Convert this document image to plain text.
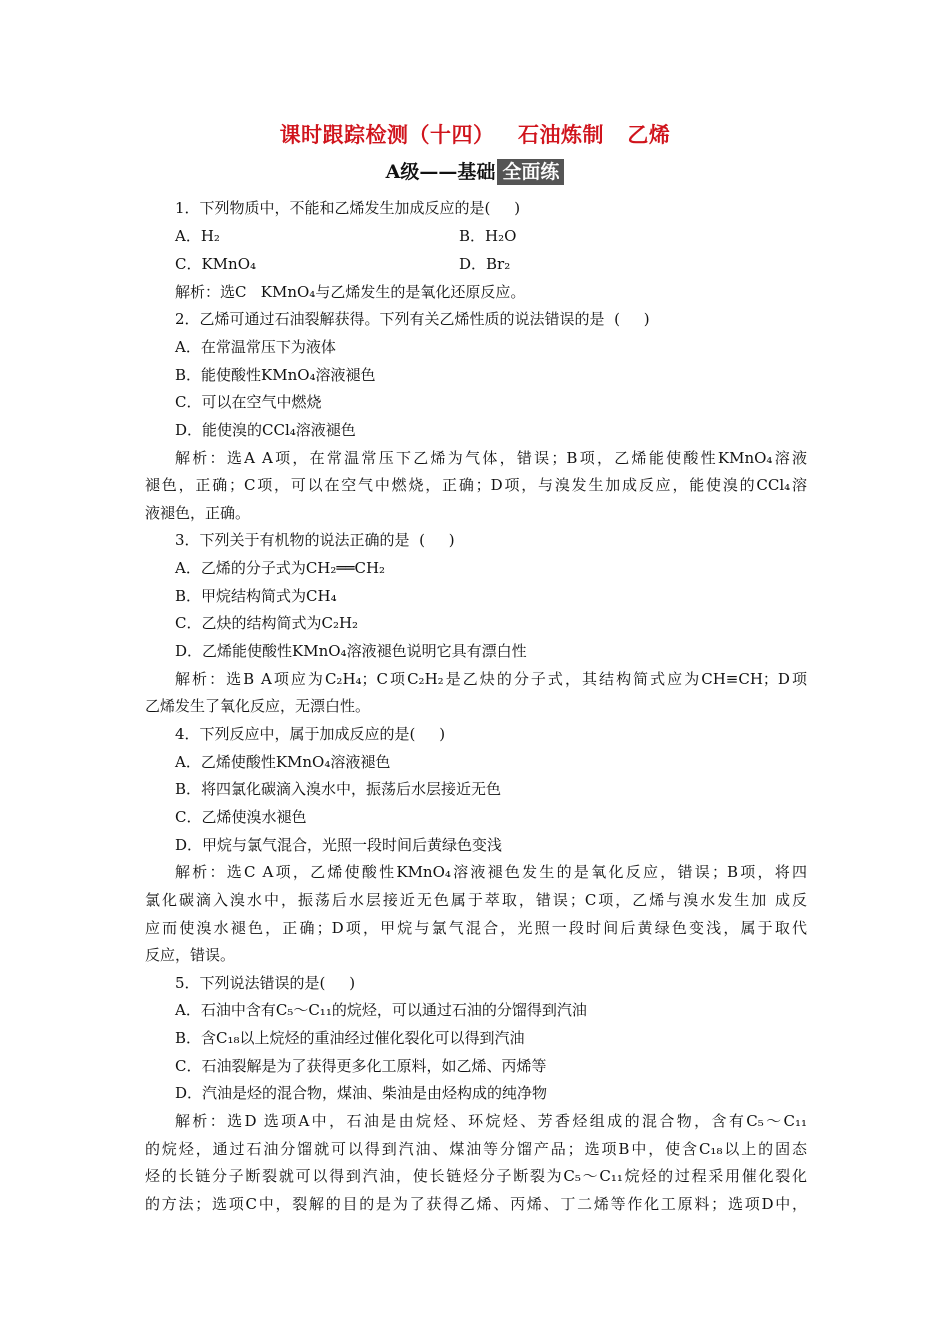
课时跟踪检测（十四）   石油炼制   乙烯
A级——基础 全面练
1．下列物质中，不能和乙烯发生加成反应的是(     )
A．H₂	B．H₂O
C．KMnO₄	D．Br₂
解析：选C   KMnO₄与乙烯发生的是氧化还原反应。
2．乙烯可通过石油裂解获得。下列有关乙烯性质的说法错误的是  (     )
A．在常温常压下为液体
B．能使酸性KMnO₄溶液褪色
C．可以在空气中燃烧
D．能使溴的CCl₄溶液褪色
解析：选A A项，在常温常压下乙烯为气体，错误；B项，乙烯能使酸性KMnO₄溶液
褪色，正确；C项，可以在空气中燃烧，正确；D项，与溴发生加成反应，能使溴的CCl₄溶
液褪色，正确。
3．下列关于有机物的说法正确的是  (     )
A．乙烯的分子式为CH₂══CH₂
B．甲烷结构简式为CH₄
C．乙炔的结构简式为C₂H₂
D．乙烯能使酸性KMnO₄溶液褪色说明它具有漂白性
解析：选B A项应为C₂H₄；C项C₂H₂是乙炔的分子式，其结构简式应为CH≡CH；D项
乙烯发生了氧化反应，无漂白性。
4．下列反应中，属于加成反应的是(     )
A．乙烯使酸性KMnO₄溶液褪色
B．将四氯化碳滴入溴水中，振荡后水层接近无色
C．乙烯使溴水褪色
D．甲烷与氯气混合，光照一段时间后黄绿色变浅
解析：选C A项，乙烯使酸性KMnO₄溶液褪色发生的是氧化反应，错误；B项，将四
氯化碳滴入溴水中，振荡后水层接近无色属于萃取，错误；C项，乙烯与溴水发生加 成反
应而使溴水褪色，正确；D项，甲烷与氯气混合，光照一段时间后黄绿色变浅，属于取代
反应，错误。
5．下列说法错误的是(     )
A．石油中含有C₅～C₁₁的烷烃，可以通过石油的分馏得到汽油
B．含C₁₈以上烷烃的重油经过催化裂化可以得到汽油
C．石油裂解是为了获得更多化工原料，如乙烯、丙烯等
D．汽油是烃的混合物，煤油、柴油是由烃构成的纯净物
解析：选D 选项A中，石油是由烷烃、环烷烃、芳香烃组成的混合物，含有C₅～C₁₁
的烷烃，通过石油分馏就可以得到汽油、煤油等分馏产品；选项B中，使含C₁₈以上的固态
烃的长链分子断裂就可以得到汽油，使长链烃分子断裂为C₅～C₁₁烷烃的过程采用催化裂化
的方法；选项C中，裂解的目的是为了获得乙烯、丙烯、丁二烯等作化工原料；选项D中，
